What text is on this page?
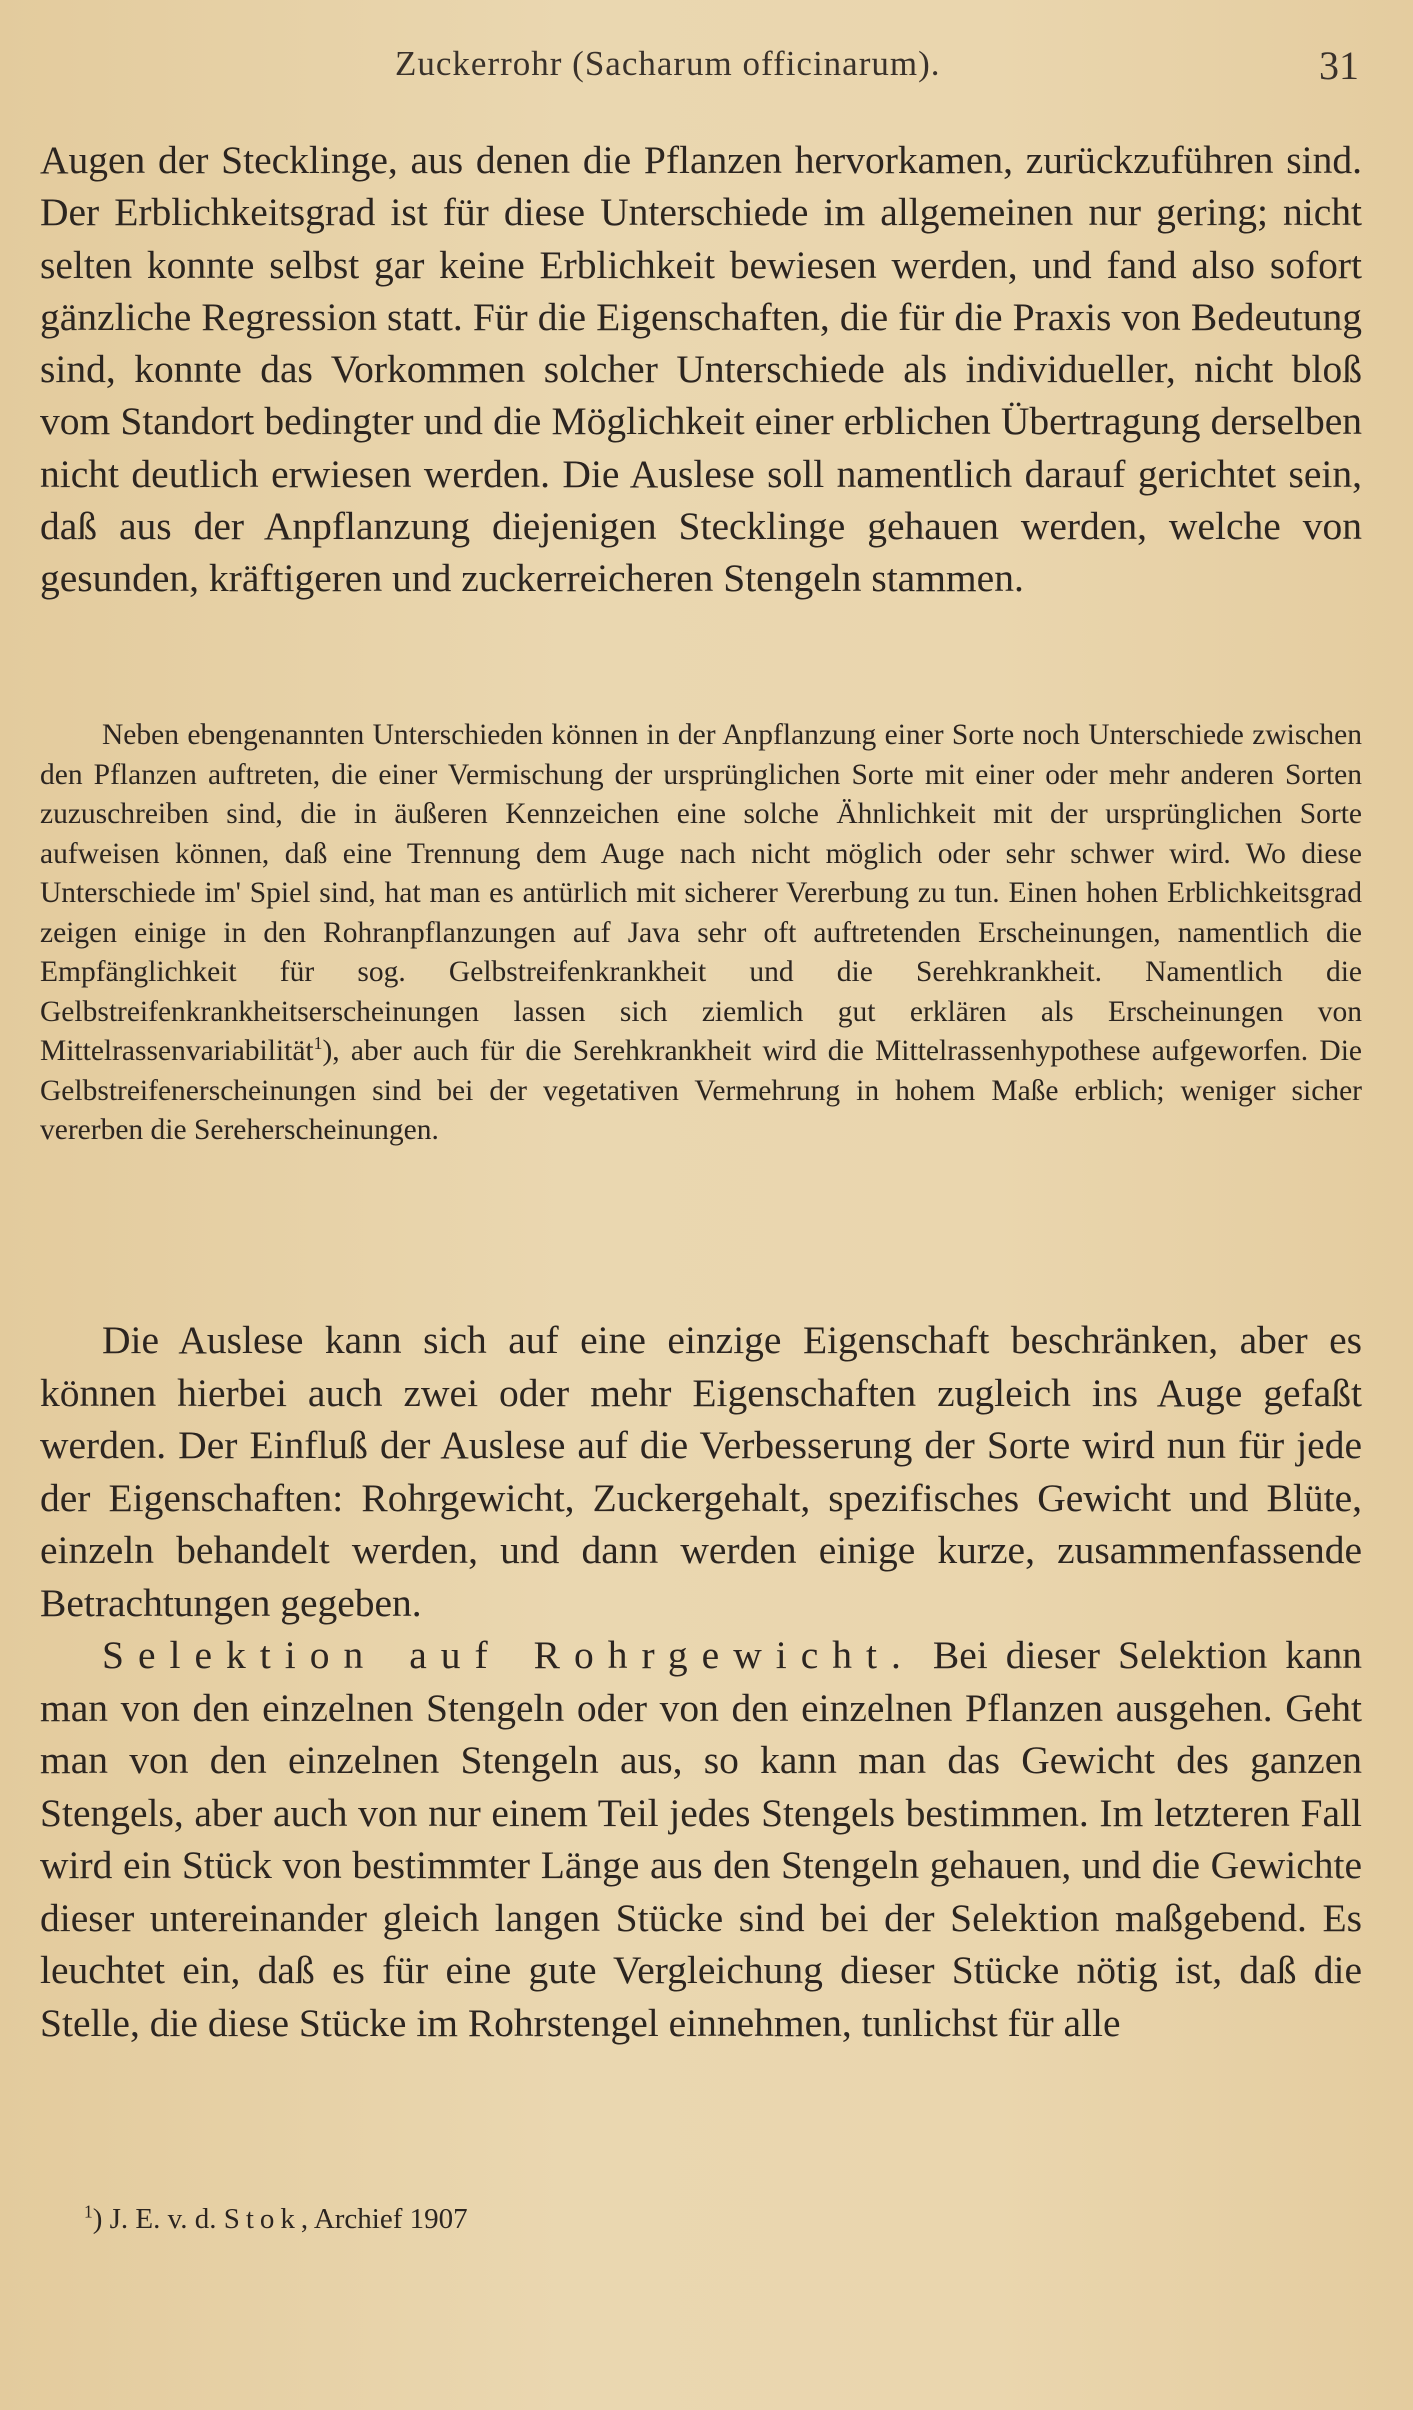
Zuckerrohr (Sacharum officinarum).	31

Augen der Stecklinge, aus denen die Pflanzen hervorkamen, zurückzuführen sind. Der Erblichkeitsgrad ist für diese Unterschiede im allgemeinen nur gering; nicht selten konnte selbst gar keine Erblichkeit bewiesen werden, und fand also sofort gänzliche Regression statt. Für die Eigenschaften, die für die Praxis von Bedeutung sind, konnte das Vorkommen solcher Unterschiede als individueller, nicht bloß vom Standort bedingter und die Möglichkeit einer erblichen Übertragung derselben nicht deutlich erwiesen werden. Die Auslese soll namentlich darauf gerichtet sein, daß aus der Anpflanzung diejenigen Stecklinge gehauen werden, welche von gesunden, kräftigeren und zuckerreicheren Stengeln stammen.

Neben ebengenannten Unterschieden können in der Anpflanzung einer Sorte noch Unterschiede zwischen den Pflanzen auftreten, die einer Vermischung der ursprünglichen Sorte mit einer oder mehr anderen Sorten zuzuschreiben sind, die in äußeren Kennzeichen eine solche Ähnlichkeit mit der ursprünglichen Sorte aufweisen können, daß eine Trennung dem Auge nach nicht möglich oder sehr schwer wird. Wo diese Unterschiede im' Spiel sind, hat man es antürlich mit sicherer Vererbung zu tun. Einen hohen Erblichkeitsgrad zeigen einige in den Rohranpflanzungen auf Java sehr oft auftretenden Erscheinungen, namentlich die Empfänglichkeit für sog. Gelbstreifenkrankheit und die Serehkrankheit. Namentlich die Gelbstreifenkrankheitserscheinungen lassen sich ziemlich gut erklären als Erscheinungen von Mittelrassenvariabilität$^1$), aber auch für die Serehkrankheit wird die Mittelrassenhypothese aufgeworfen. Die Gelbstreifenerscheinungen sind bei der vegetativen Vermehrung in hohem Maße erblich; weniger sicher vererben die Sereherscheinungen.

Die Auslese kann sich auf eine einzige Eigenschaft beschränken, aber es können hierbei auch zwei oder mehr Eigenschaften zugleich ins Auge gefaßt werden. Der Einfluß der Auslese auf die Verbesserung der Sorte wird nun für jede der Eigenschaften: Rohrgewicht, Zuckergehalt, spezifisches Gewicht und Blüte, einzeln behandelt werden, und dann werden einige kurze, zusammenfassende Betrachtungen gegeben.

Selektion auf Rohrgewicht. Bei dieser Selektion kann man von den einzelnen Stengeln oder von den einzelnen Pflanzen ausgehen. Geht man von den einzelnen Stengeln aus, so kann man das Gewicht des ganzen Stengels, aber auch von nur einem Teil jedes Stengels bestimmen. Im letzteren Fall wird ein Stück von bestimmter Länge aus den Stengeln gehauen, und die Gewichte dieser untereinander gleich langen Stücke sind bei der Selektion maßgebend. Es leuchtet ein, daß es für eine gute Vergleichung dieser Stücke nötig ist, daß die Stelle, die diese Stücke im Rohrstengel einnehmen, tunlichst für alle

$^1$) J. E. v. d. Stok, Archief 1907
